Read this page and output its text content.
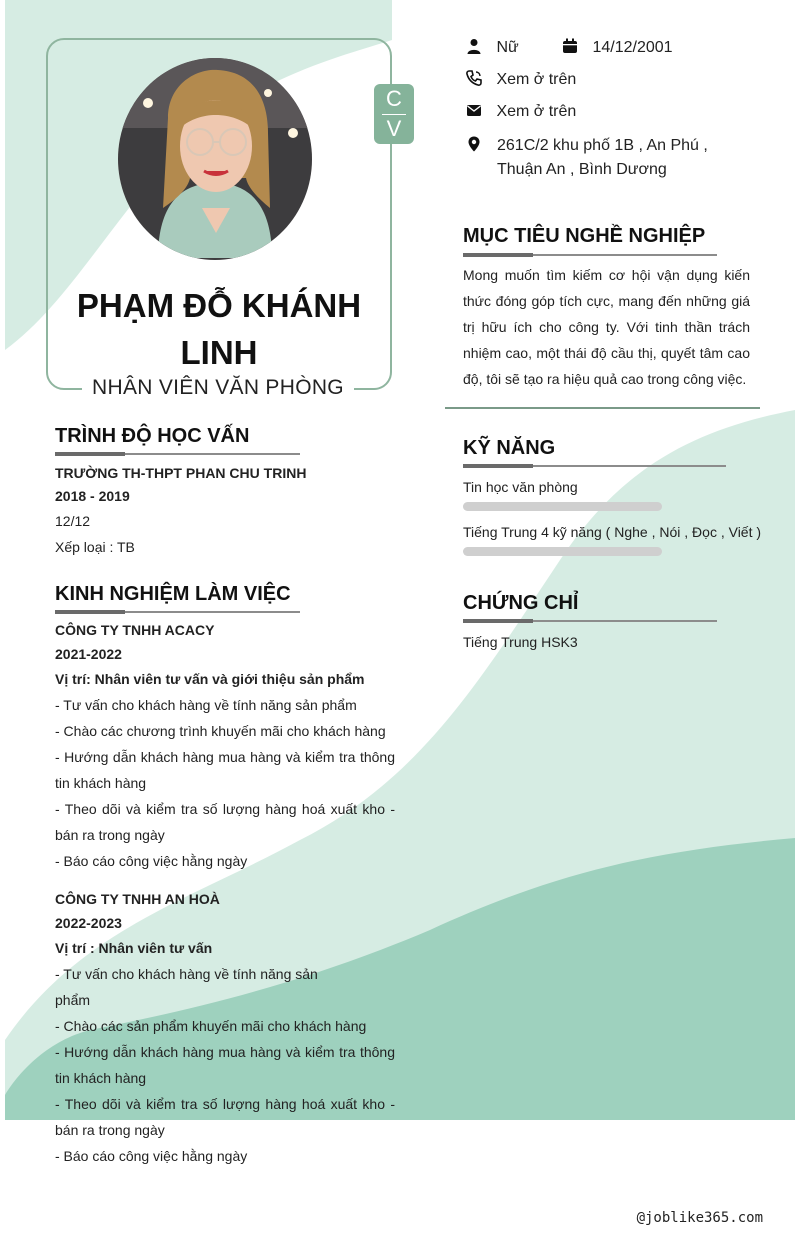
C
V
PHẠM ĐỖ KHÁNH LINH
NHÂN VIÊN VĂN PHÒNG
Nữ	14/12/2001
Xem ở trên
Xem ở trên
261C/2 khu phố 1B , An Phú ,
Thuận An , Bình Dương
MỤC TIÊU NGHỀ NGHIỆP
Mong muốn tìm kiếm cơ hội vận dụng kiến thức đóng góp tích cực, mang đến những giá trị hữu ích cho công ty. Với tinh thần trách nhiệm cao, một thái độ cầu thị, quyết tâm cao độ, tôi sẽ tạo ra hiệu quả cao trong công việc.
KỸ NĂNG
Tin học văn phòng
Tiếng Trung 4 kỹ năng ( Nghe , Nói , Đọc , Viết )
CHỨNG CHỈ
Tiếng Trung HSK3
TRÌNH ĐỘ HỌC VẤN
TRƯỜNG TH-THPT PHAN CHU TRINH
2018 - 2019
12/12
Xếp loại : TB
KINH NGHIỆM LÀM VIỆC
CÔNG TY TNHH ACACY
2021-2022
Vị trí: Nhân viên tư vấn và giới thiệu sản phẩm
- Tư vấn cho khách hàng về tính năng sản phẩm
- Chào các chương trình khuyến mãi cho khách hàng
- Hướng dẫn khách hàng mua hàng và kiểm tra thông tin khách hàng
- Theo dõi và kiểm tra số lượng hàng hoá xuất kho - bán ra trong ngày
- Báo cáo công việc hằng ngày
CÔNG TY TNHH AN HOÀ
2022-2023
Vị trí : Nhân viên tư vấn
- Tư vấn cho khách hàng về tính năng sản phẩm
- Chào các sản phẩm khuyến mãi cho khách hàng
- Hướng dẫn khách hàng mua hàng và kiểm tra thông tin khách hàng
- Theo dõi và kiểm tra số lượng hàng hoá xuất kho - bán ra trong ngày
- Báo cáo công việc hằng ngày
@joblike365.com
